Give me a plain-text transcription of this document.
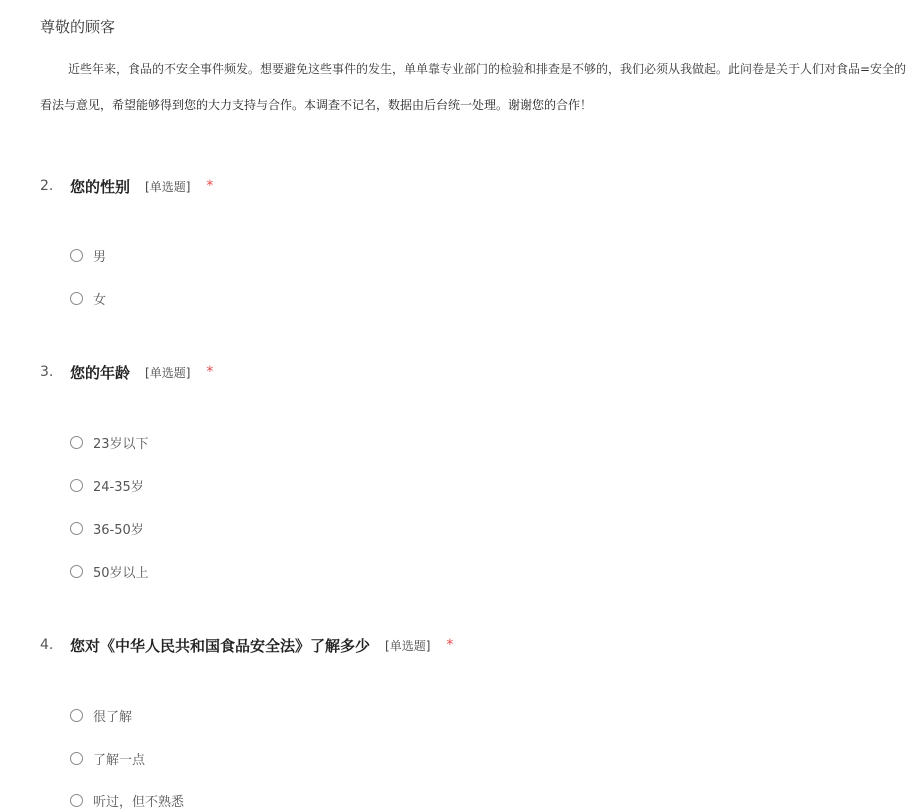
尊敬的顾客
近些年来，食品的不安全事件频发。想要避免这些事件的发生，单单靠专业部门的检验和排查是不够的，我们必须从我做起。此问卷是关于人们对食品=安全的
看法与意见，希望能够得到您的大力支持与合作。本调查不记名，数据由后台统一处理。谢谢您的合作！
2.	您的性别 [单选题] *
男
女
3.	您的年龄 [单选题] *
23岁以下
24-35岁
36-50岁
50岁以上
4.	您对《中华人民共和国食品安全法》了解多少 [单选题] *
很了解
了解一点
听过，但不熟悉
